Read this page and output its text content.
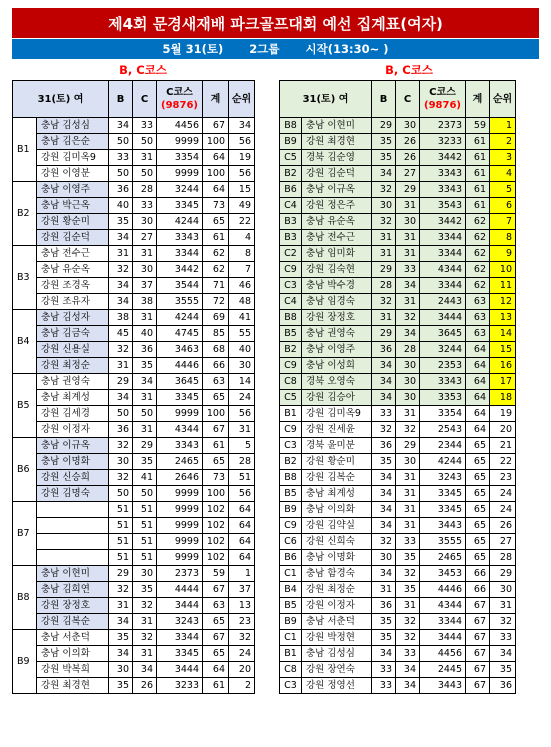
제4회 문경새재배 파크골프대회 예선 집계표(여자)
5월 31(토) 2그룹 시작(13:30~ )
B, C코스
31(토) 여		B	C	C코스
(9876)	계	순위
B1	충남 김성심	34	33	4456	67	34
	충남 김은순	50	50	9999	100	56
	강원 김미옥9	33	31	3354	64	19
	강원 이영분	50	50	9999	100	56
B2	충남 이영주	36	28	3244	64	15
	충남 박근옥	40	33	3345	73	49
	강원 황순미	35	30	4244	65	22
	강원 김순덕	34	27	3343	61	4
B3	충남 전수근	31	31	3344	62	8
	충남 유순옥	32	30	3442	62	7
	강원 조경옥	34	37	3544	71	46
	강원 조유자	34	38	3555	72	48
B4	충남 김성자	38	31	4244	69	41
	충남 김금숙	45	40	4745	85	55
	강원 신용실	32	36	3463	68	40
	강원 최정순	31	35	4446	66	30
B5	충남 권영숙	29	34	3645	63	14
	충남 최계성	34	31	3345	65	24
	강원 김세경	50	50	9999	100	56
	강원 이정자	36	31	4344	67	31
B6	충남 이규옥	32	29	3343	61	5
	충남 이명화	30	35	2465	65	28
	강원 신승희	32	41	2646	73	51
	강원 김명숙	50	50	9999	100	56
B7		51	51	9999	102	64
		51	51	9999	102	64
		51	51	9999	102	64
		51	51	9999	102	64
B8	충남 이현미	29	30	2373	59	1
	충남 김희연	32	35	4444	67	37
	강원 장정호	31	32	3444	63	13
	강원 김복순	34	31	3243	65	23
B9	충남 서춘덕	35	32	3344	67	32
	충남 이의화	34	31	3345	65	24
	강원 박복희	30	34	3444	64	20
	강원 최경현	35	26	3233	61	2
B, C코스
31(토) 여		B	C	C코스
(9876)	계	순위
B8	충남 이현미	29	30	2373	59	1
B9	강원 최경현	35	26	3233	61	2
C5	경북 김순영	35	26	3442	61	3
B2	강원 김순덕	34	27	3343	61	4
B6	충남 이규옥	32	29	3343	61	5
C4	강원 정은주	30	31	3543	61	6
B3	충남 유순옥	32	30	3442	62	7
B3	충남 전수근	31	31	3344	62	8
C2	충남 임미화	31	31	3344	62	9
C9	강원 김숙현	29	33	4344	62	10
C3	충남 박수경	28	34	3344	62	11
C4	충남 임경숙	32	31	2443	63	12
B8	강원 장정호	31	32	3444	63	13
B5	충남 권영숙	29	34	3645	63	14
B2	충남 이영주	36	28	3244	64	15
C9	충남 이성희	34	30	2353	64	16
C8	경북 오영숙	34	30	3343	64	17
C5	강원 김승아	34	30	3353	64	18
B1	강원 김미옥9	33	31	3354	64	19
C9	강원 진세윤	32	32	2543	64	20
C3	경북 윤미분	36	29	2344	65	21
B2	강원 황순미	35	30	4244	65	22
B8	강원 김복순	34	31	3243	65	23
B5	충남 최계성	34	31	3345	65	24
B9	충남 이의화	34	31	3345	65	24
C9	강원 김약실	34	31	3443	65	26
C6	강원 신희숙	32	33	3555	65	27
B6	충남 이명화	30	35	2465	65	28
C1	충남 함경숙	34	32	3453	66	29
B4	강원 최정순	31	35	4446	66	30
B5	강원 이정자	36	31	4344	67	31
B9	충남 서춘덕	35	32	3344	67	32
C1	강원 박정현	35	32	3444	67	33
B1	충남 김성심	34	33	4456	67	34
C8	강원 장연숙	33	34	2445	67	35
C3	강원 정영선	33	34	3443	67	36
